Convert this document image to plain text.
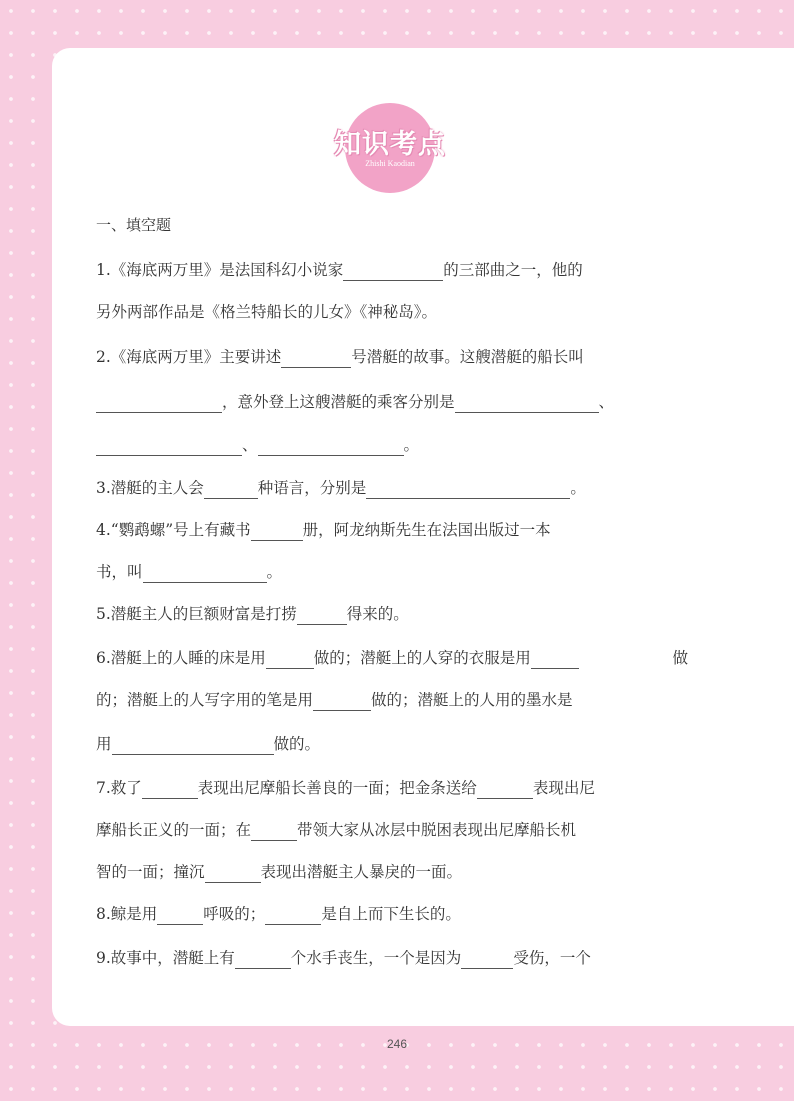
知识考点
Zhishi Kaodian
一、填空题
1.《海底两万里》是法国科幻小说家	的三部曲之一，他的
另外两部作品是《格兰特船长的儿女》《神秘岛》。
2.《海底两万里》主要讲述	号潜艇的故事。这艘潜艇的船长叫
，意外登上这艘潜艇的乘客分别是	、
、	。
3.潜艇的主人会	种语言，分别是	。
4.“鹦鹉螺”号上有藏书	册，阿龙纳斯先生在法国出版过一本
书，叫	。
5.潜艇主人的巨额财富是打捞	得来的。
6.潜艇上的人睡的床是用	做的；潜艇上的人穿的衣服是用	做
的；潜艇上的人写字用的笔是用	做的；潜艇上的人用的墨水是
用	做的。
7.救了	表现出尼摩船长善良的一面；把金条送给	表现出尼
摩船长正义的一面；在	带领大家从冰层中脱困表现出尼摩船长机
智的一面；撞沉	表现出潜艇主人暴戾的一面。
8.鲸是用	呼吸的；	是自上而下生长的。
9.故事中，潜艇上有	个水手丧生，一个是因为	受伤，一个
246
